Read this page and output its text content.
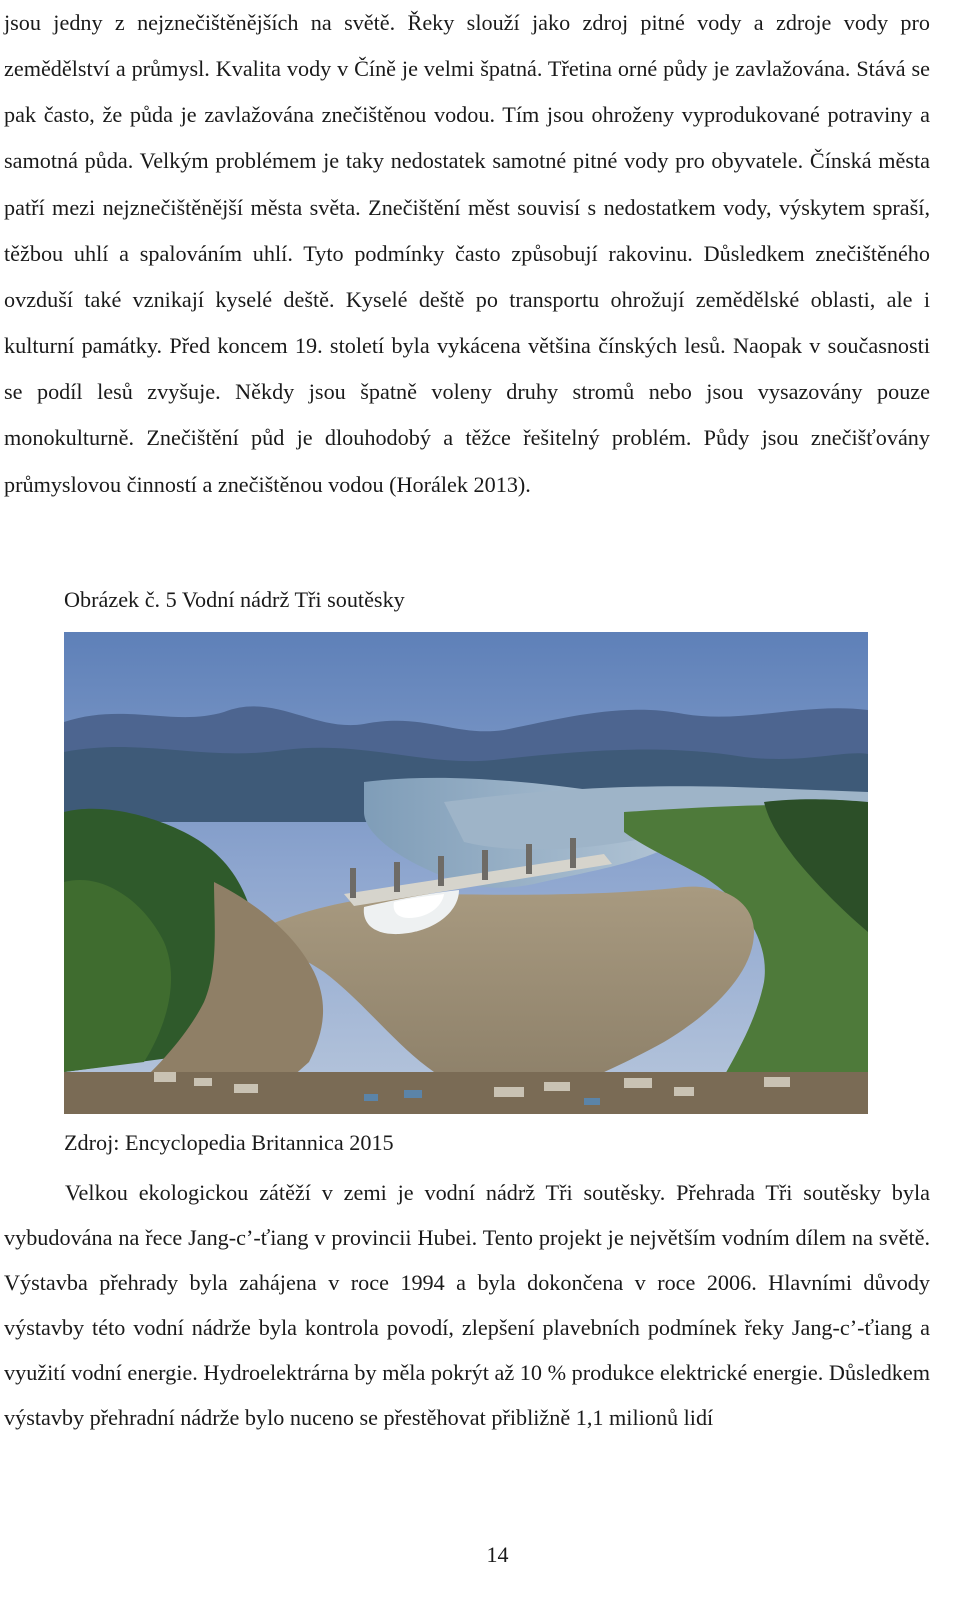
jsou jedny z nejznečištěnějších na světě. Řeky slouží jako zdroj pitné vody a zdroje vody pro zemědělství a průmysl. Kvalita vody v Číně je velmi špatná. Třetina orné půdy je zavlažována. Stává se pak často, že půda je zavlažována znečištěnou vodou. Tím jsou ohroženy vyprodukované potraviny a samotná půda. Velkým problémem je taky nedostatek samotné pitné vody pro obyvatele. Čínská města patří mezi nejznečištěnější města světa. Znečištění měst souvisí s nedostatkem vody, výskytem spraší, těžbou uhlí a spalováním uhlí. Tyto podmínky často způsobují rakovinu. Důsledkem znečištěného ovzduší také vznikají kyselé deště. Kyselé deště po transportu ohrožují zemědělské oblasti, ale i kulturní památky. Před koncem 19. století byla vykácena většina čínských lesů. Naopak v současnosti se podíl lesů zvyšuje. Někdy jsou špatně voleny druhy stromů nebo jsou vysazovány pouze monokulturně. Znečištění půd je dlouhodobý a těžce řešitelný problém. Půdy jsou znečišťovány průmyslovou činností a znečištěnou vodou (Horálek 2013).

Obrázek č. 5 Vodní nádrž Tři soutěsky
Zdroj: Encyclopedia Britannica 2015

Velkou ekologickou zátěží v zemi je vodní nádrž Tři soutěsky. Přehrada Tři soutěsky byla vybudována na řece Jang-c’-ťiang v provincii Hubei. Tento projekt je největším vodním dílem na světě. Výstavba přehrady byla zahájena v roce 1994 a byla dokončena v roce 2006. Hlavními důvody výstavby této vodní nádrže byla kontrola povodí, zlepšení plavebních podmínek řeky Jang-c’-ťiang a využití vodní energie. Hydroelektrárna by měla pokrýt až 10 % produkce elektrické energie. Důsledkem výstavby přehradní nádrže bylo nuceno se přestěhovat přibližně 1,1 milionů lidí

14
